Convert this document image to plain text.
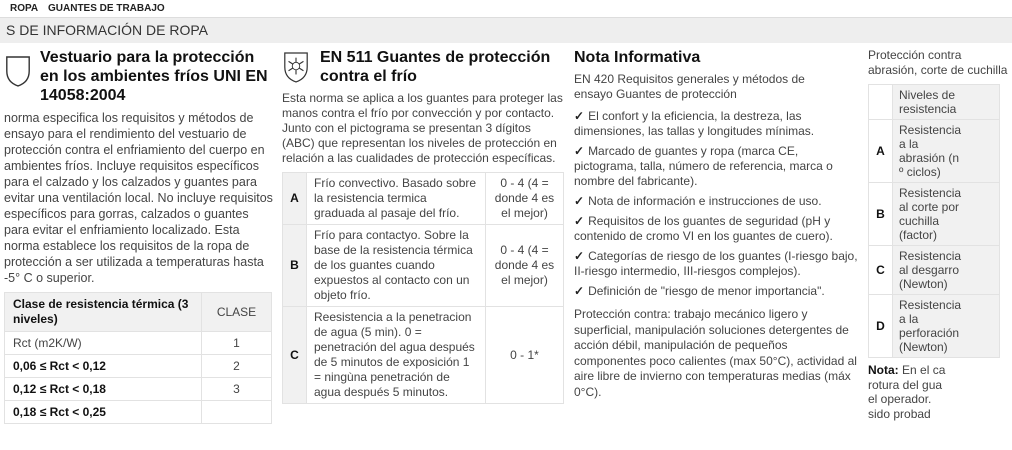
ROPA GUANTES DE TRABAJO
S DE INFORMACIÓN DE ROPA
Vestuario para la protección en los ambientes fríos UNI EN 14058:2004
norma especifica los requisitos y métodos de ensayo para el rendimiento del vestuario de protección contra el enfriamiento del cuerpo en ambientes fríos. Incluye requisitos específicos para el calzado y los calzados y guantes para evitar una ventilación local. No incluye requisitos específicos para gorras, calzados o guantes para evitar el enfriamiento localizado. Esta norma establece los requisitos de la ropa de protección a ser utilizada a temperaturas hasta -5° C o superior.
Clase de resistencia térmica (3 niveles)	CLASE
Rct (m2K/W)	1
0,06 ≤ Rct < 0,12	2
0,12 ≤ Rct < 0,18	3
0,18 ≤ Rct < 0,25	
EN 511 Guantes de protección contra el frío
Esta norma se aplica a los guantes para proteger las manos contra el frío por convección y por contacto. Junto con el pictograma se presentan 3 dígitos (ABC) que representan los niveles de protección en relación a las cualidades de protección específicas.
A	Frío convectivo. Basado sobre la resistencia termica graduada al pasaje del frío.	0 - 4 (4 = donde 4 es el mejor)
B	Frío para contactyo. Sobre la base de la resistencia térmica de los guantes cuando expuestos al contacto con un objeto frío.	0 - 4 (4 = donde 4 es el mejor)
C	Reesistencia a la penetracion de agua (5 min). 0 = penetración del agua después de 5 minutos de exposición 1 = ningùna penetración de agua después 5 minutos.	0 - 1*
Nota Informativa
EN 420 Requisitos generales y métodos de ensayo Guantes de protección
✓ El confort y la eficiencia, la destreza, las dimensiones, las tallas y longitudes mínimas.
✓ Marcado de guantes y ropa (marca CE, pictograma, talla, número de referencia, marca o nombre del fabricante).
✓ Nota de información e instrucciones de uso.
✓ Requisitos de los guantes de seguridad (pH y contenido de cromo VI en los guantes de cuero).
✓ Categorías de riesgo de los guantes (I-riesgo bajo, II-riesgo intermedio, III-riesgos complejos).
✓ Definición de "riesgo de menor importancia".
Protección contra: trabajo mecánico ligero y superficial, manipulación soluciones detergentes de acción débil, manipulación de pequeños componentes poco calientes (max 50°C), actividad al aire libre de invierno con temperaturas medias (máx 0°C).
Protección contra
abrasión, corte de cuchilla

	Niveles de
resistencia

A	Resistencia
a la
abrasión (n
º ciclos)

B	Resistencia
al corte por
cuchilla
(factor)

C	Resistencia
al desgarro
(Newton)

D	Resistencia
a la
perforación
(Newton)
Nota: En el ca
rotura del gua
el operador.
sido probad
